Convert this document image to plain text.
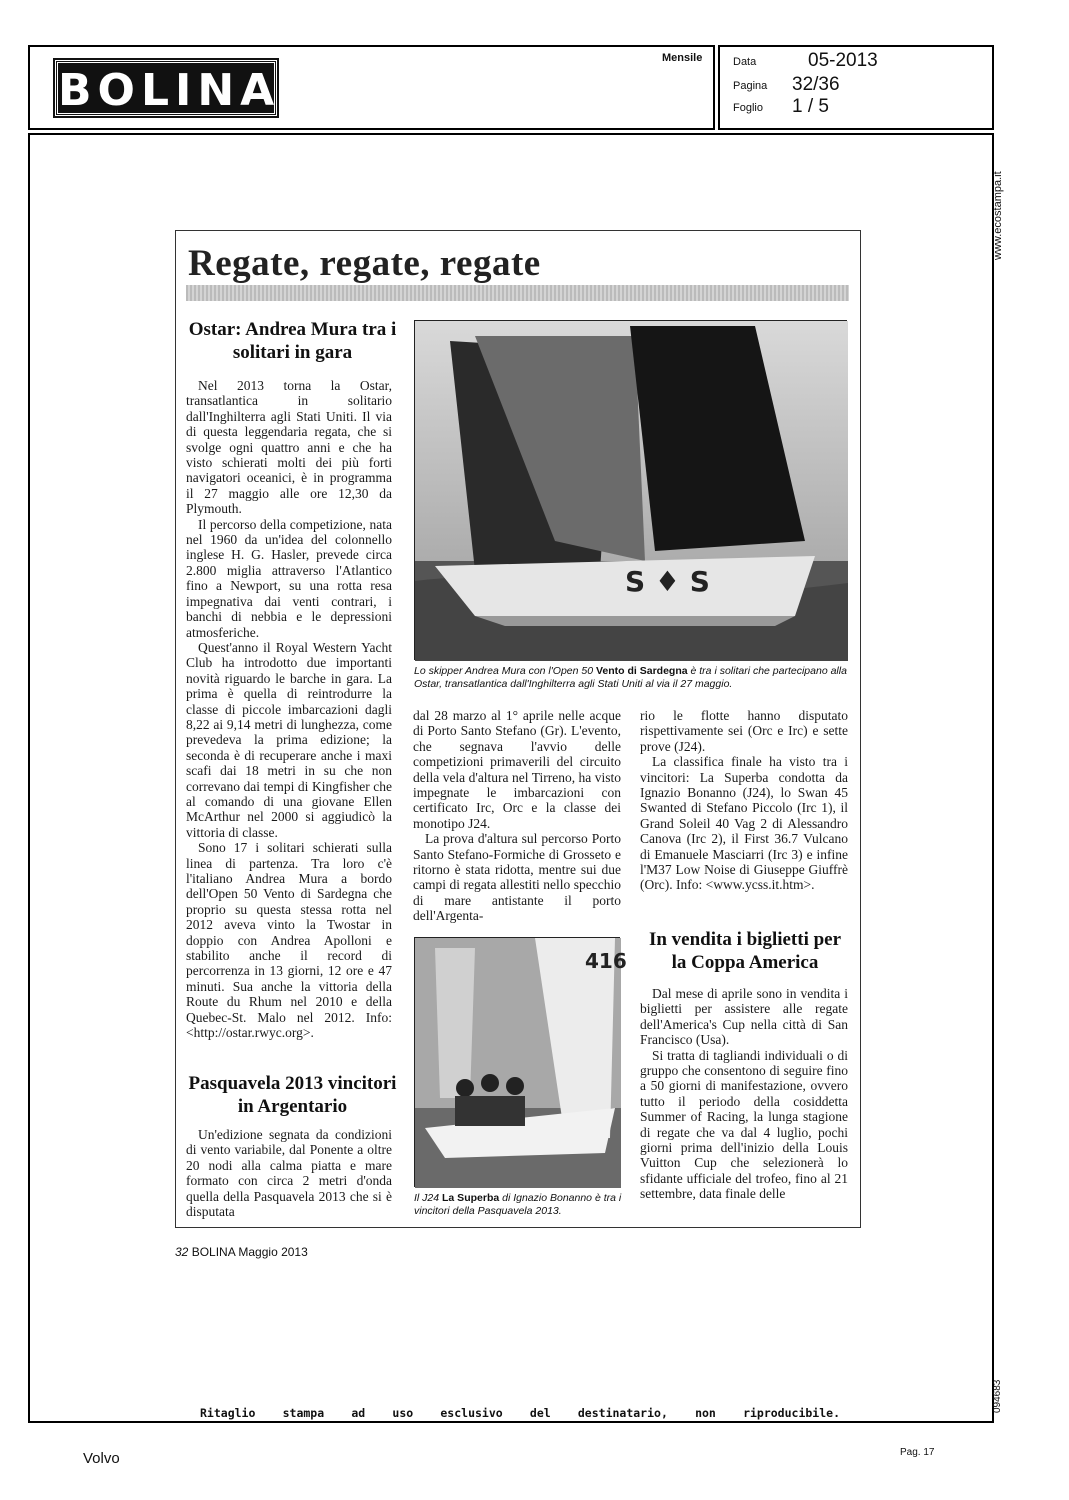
BOLINA
Mensile	Data	05-2013
Pagina 32/36
Foglio 1 / 5
www.ecostampa.it
094683
Regate, regate, regate
Ostar: Andrea Mura tra i solitari in gara

Nel 2013 torna la Ostar, transatlantica in solitario dall'Inghilterra agli Stati Uniti. Il via di questa leggendaria regata, che si svolge ogni quattro anni e che ha visto schierati molti dei più forti navigatori oceanici, è in programma il 27 maggio alle ore 12,30 da Plymouth.

Il percorso della competizione, nata nel 1960 da un'idea del colonnello inglese H. G. Hasler, prevede circa 2.800 miglia attraverso l'Atlantico fino a Newport, su una rotta resa impegnativa dai venti contrari, i banchi di nebbia e le depressioni atmosferiche.

Quest'anno il Royal Western Yacht Club ha introdotto due importanti novità riguardo le barche in gara. La prima è quella di reintrodurre la classe di piccole imbarcazioni dagli 8,22 ai 9,14 metri di lunghezza, come prevedeva la prima edizione; la seconda è di recuperare anche i maxi scafi dai 18 metri in su che non correvano dai tempi di Kingfisher che al comando di una giovane Ellen McArthur nel 2000 si aggiudicò la vittoria di classe.

Sono 17 i solitari schierati sulla linea di partenza. Tra loro c'è l'italiano Andrea Mura a bordo dell'Open 50 Vento di Sardegna che proprio su questa stessa rotta nel 2012 aveva vinto la Twostar in doppio con Andrea Apolloni e stabilito anche il record di percorrenza in 13 giorni, 12 ore e 47 minuti. Sua anche la vittoria della Route du Rhum nel 2010 e della Quebec-St. Malo nel 2012. Info: <http://ostar.rwyc.org>.

S ♦ S
Lo skipper Andrea Mura con l'Open 50 Vento di Sardegna è tra i solitari che partecipano alla Ostar, transatlantica dall'Inghilterra agli Stati Uniti al via il 27 maggio.

dal 28 marzo al 1° aprile nelle acque di Porto Santo Stefano (Gr). L'evento, che segnava l'avvio delle competizioni primaverili del circuito della vela d'altura nel Tirreno, ha visto impegnate le imbarcazioni con certificato Irc, Orc e la classe dei monotipo J24.

La prova d'altura sul percorso Porto Santo Stefano-Formiche di Grosseto e ritorno è stata ridotta, mentre sui due campi di regata allestiti nello specchio di mare antistante il porto dell'Argenta-

rio le flotte hanno disputato rispettivamente sei (Orc e Irc) e sette prove (J24).

La classifica finale ha visto tra i vincitori: La Superba condotta da Ignazio Bonanno (J24), lo Swan 45 Swanted di Stefano Piccolo (Irc 1), il Grand Soleil 40 Vag 2 di Alessandro Canova (Irc 2), il First 36.7 Vulcano di Emanuele Masciarri (Irc 3) e infine l'M37 Low Noise di Giuseppe Giuffrè (Orc). Info: <www.ycss.it.htm>.

416
Il J24 La Superba di Ignazio Bonanno è tra i vincitori della Pasquavela 2013.
Pasquavela 2013 vincitori in Argentario

Un'edizione segnata da condizioni di vento variabile, dal Ponente a oltre 20 nodi alla calma piatta e mare formato con circa 2 metri d'onda quella della Pasquavela 2013 che si è disputata

In vendita i biglietti per la Coppa America

Dal mese di aprile sono in vendita i biglietti per assistere alle regate dell'America's Cup nella città di San Francisco (Usa).

Si tratta di tagliandi individuali o di gruppo che consentono di seguire fino a 50 giorni di manifestazione, ovvero tutto il periodo della cosiddetta Summer of Racing, la lunga stagione di regate che va dal 4 luglio, pochi giorni prima dell'inizio della Louis Vuitton Cup che selezionerà lo sfidante ufficiale del trofeo, fino al 21 settembre, data finale delle

32 BOLINA Maggio 2013
Ritaglio stampa ad uso esclusivo del destinatario, non riproducibile.
Volvo	Pag. 17
